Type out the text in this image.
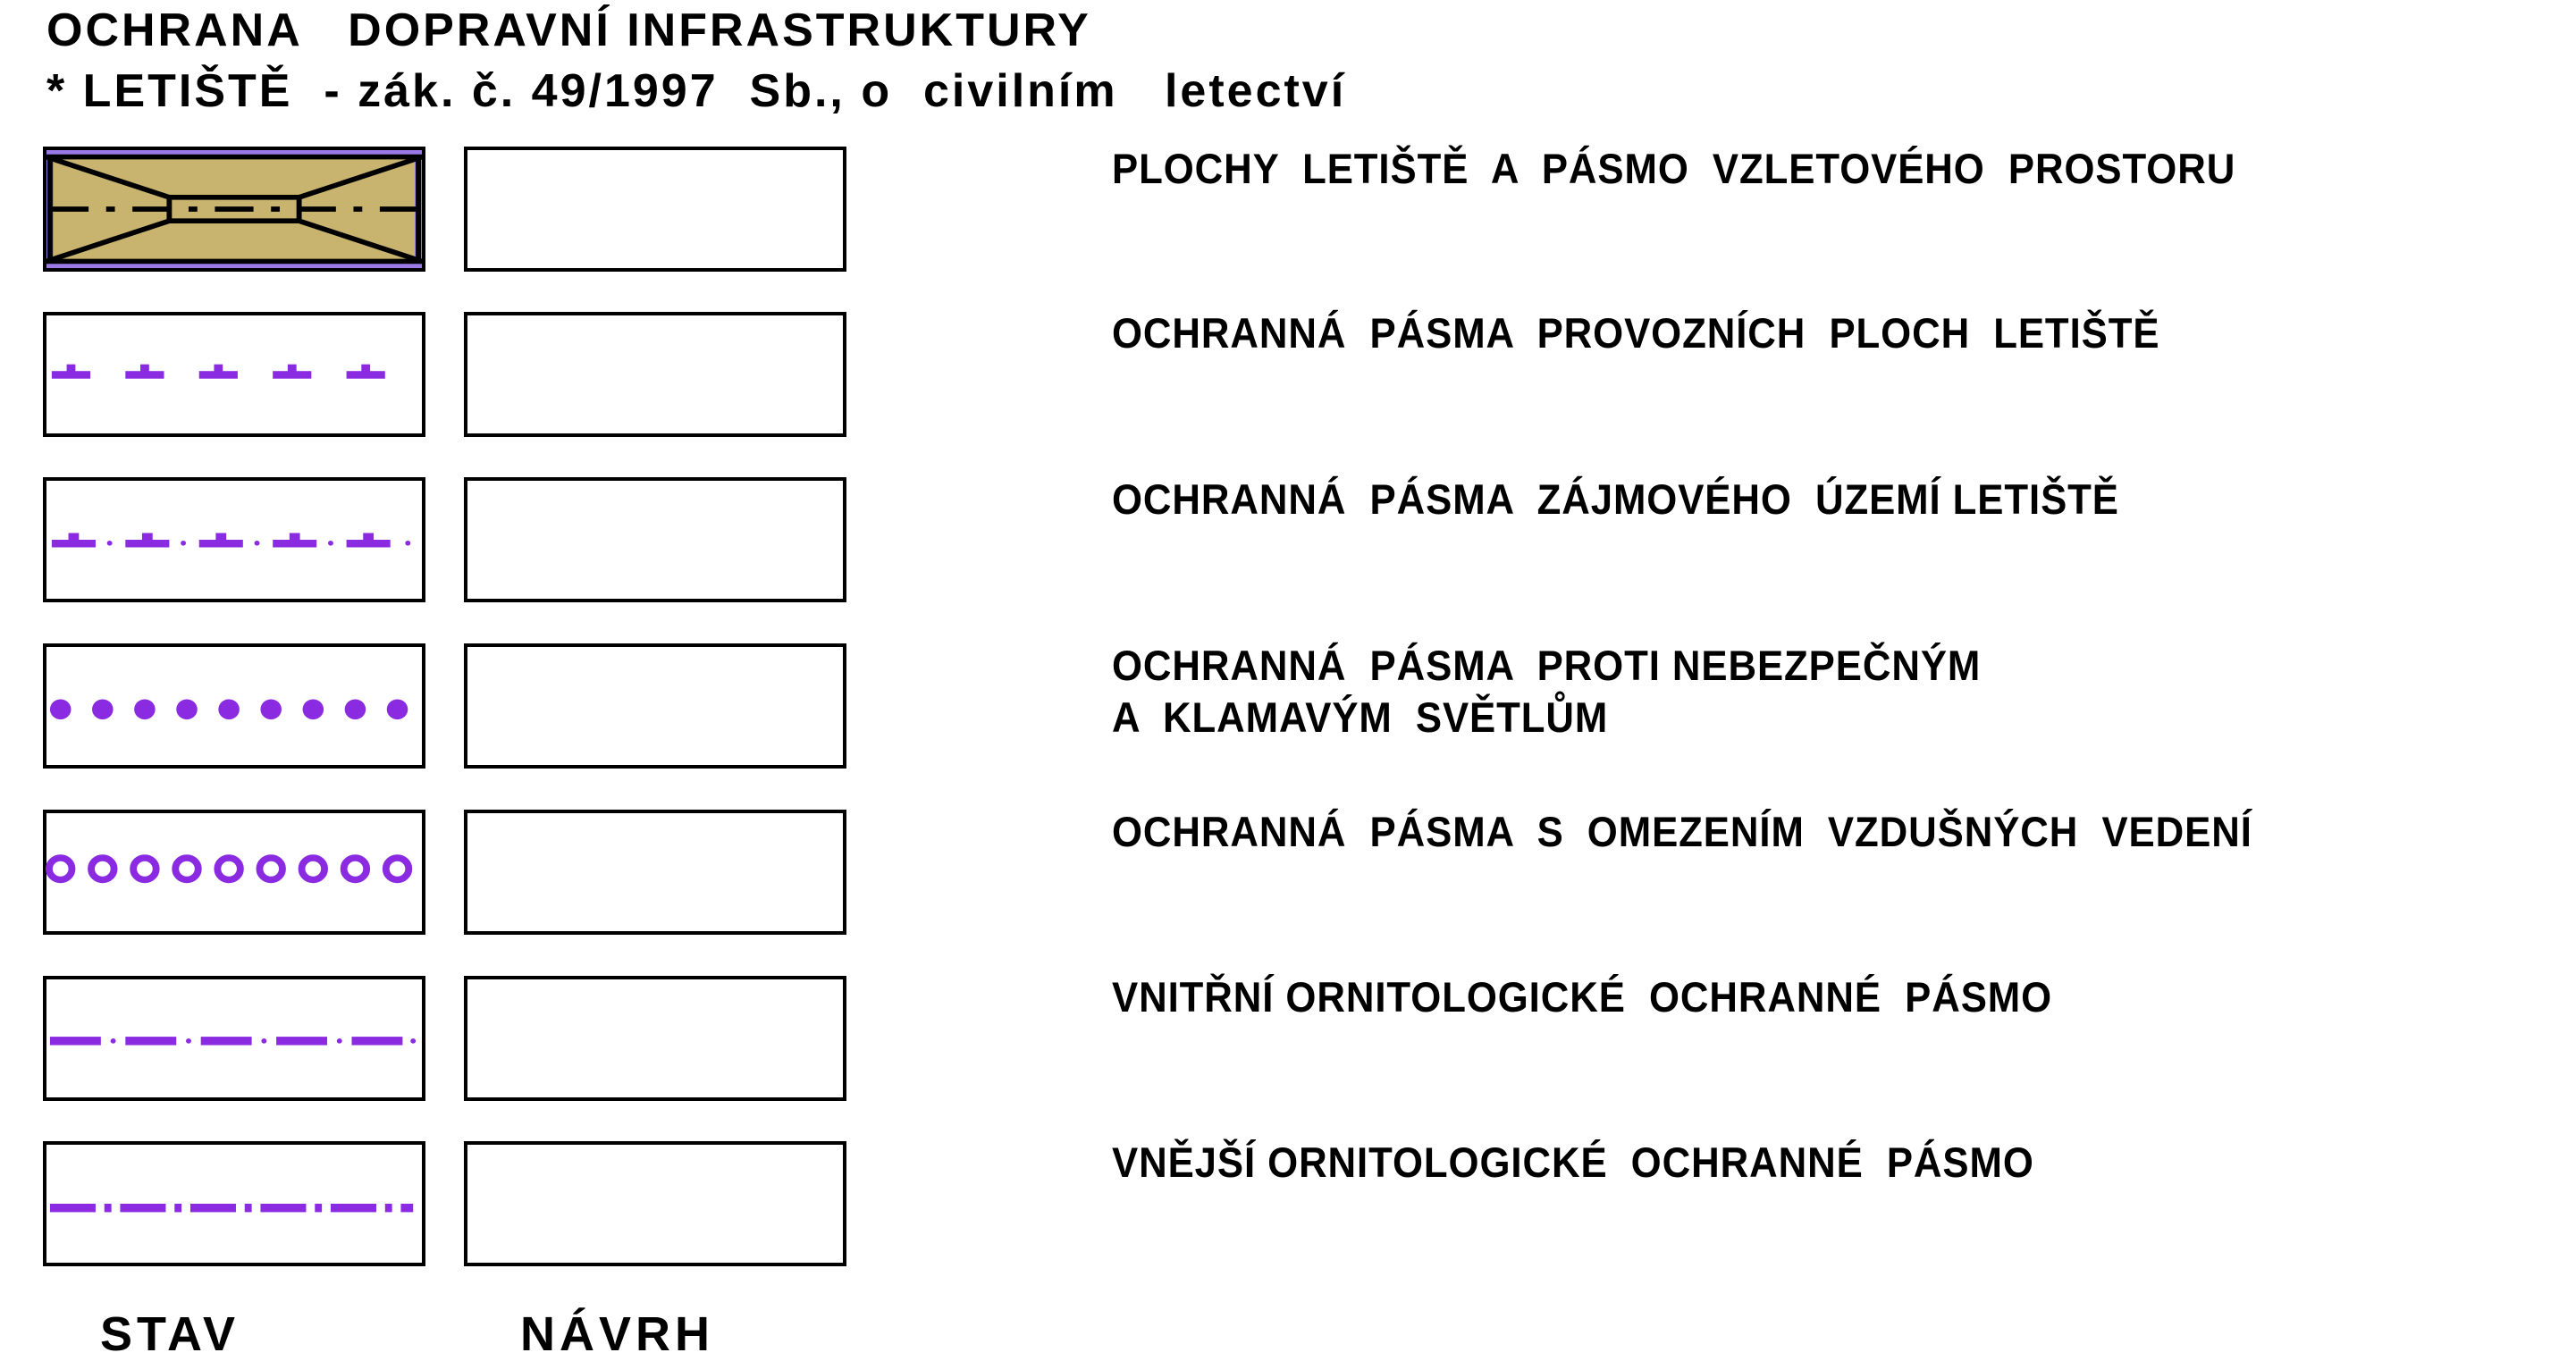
OCHRANA   DOPRAVNÍ INFRASTRUKTURY
* LETIŠTĚ  - zák. č. 49/1997  Sb., o  civilním   letectví
PLOCHY  LETIŠTĚ  A  PÁSMO  VZLETOVÉHO  PROSTORU
OCHRANNÁ  PÁSMA  PROVOZNÍCH  PLOCH  LETIŠTĚ
OCHRANNÁ  PÁSMA  ZÁJMOVÉHO  ÚZEMÍ LETIŠTĚ
OCHRANNÁ  PÁSMA  PROTI NEBEZPEČNÝM
A  KLAMAVÝM  SVĚTLŮM
OCHRANNÁ  PÁSMA  S  OMEZENÍM  VZDUŠNÝCH  VEDENÍ
VNITŘNÍ ORNITOLOGICKÉ  OCHRANNÉ  PÁSMO
VNĚJŠÍ ORNITOLOGICKÉ  OCHRANNÉ  PÁSMO
STAV	NÁVRH
